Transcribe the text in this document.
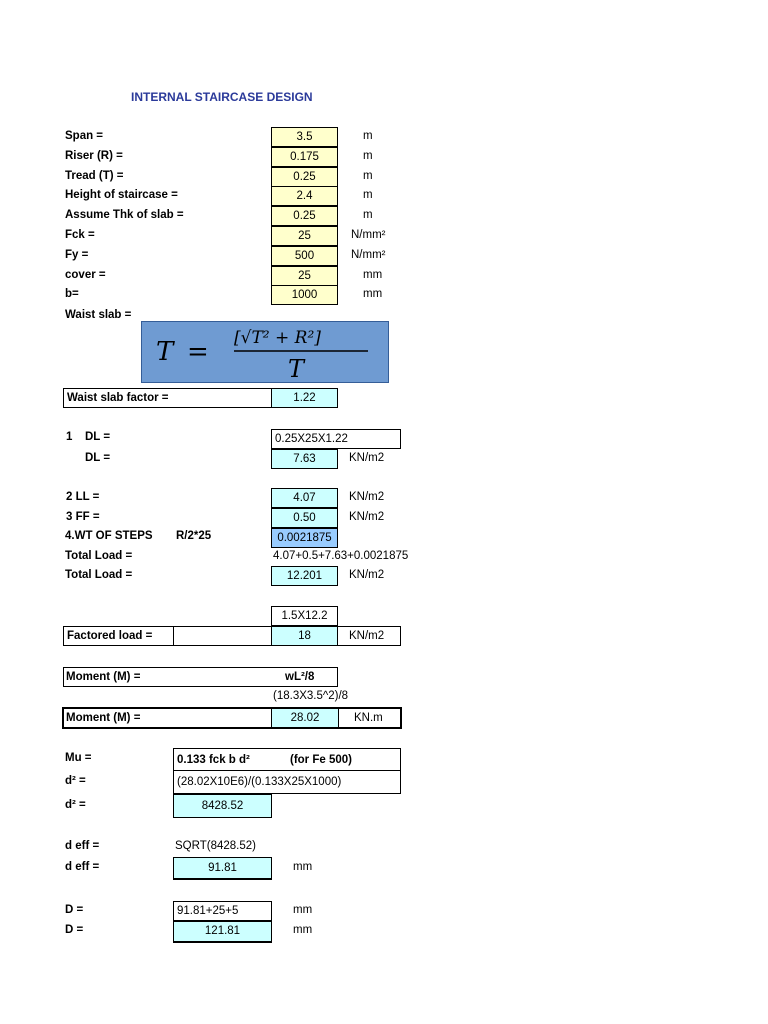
INTERNAL STAIRCASE DESIGN
Span =	3.5	m
Riser (R) =	0.175	m
Tread (T) =	0.25	m
Height of staircase =	2.4	m
Assume Thk of slab =	0.25	m
Fck =	25	N/mm²
Fy =	500	N/mm²
cover =	25	mm
b=	1000	mm
Waist slab =
T = [√T² + R²]
T
Waist slab factor =	1.22
1 DL =	0.25X25X1.22
DL =	7.63	KN/m2
2 LL =	4.07	KN/m2
3 FF =	0.50	KN/m2
4.WT OF STEPS R/2*25	0.0021875
Total Load =	4.07+0.5+7.63+0.0021875
Total Load =	12.201	KN/m2
1.5X12.2
Factored load =	18	KN/m2
Moment (M) =	wL²/8
(18.3X3.5^2)/8
Moment (M) =	28.02	KN.m
Mu =	0.133 fck b d²	(for Fe 500)
d² =	(28.02X10E6)/(0.133X25X1000)
d² =	8428.52
d eff =	SQRT(8428.52)
d eff =	91.81	mm
D =	91.81+25+5	mm
D =	121.81	mm
